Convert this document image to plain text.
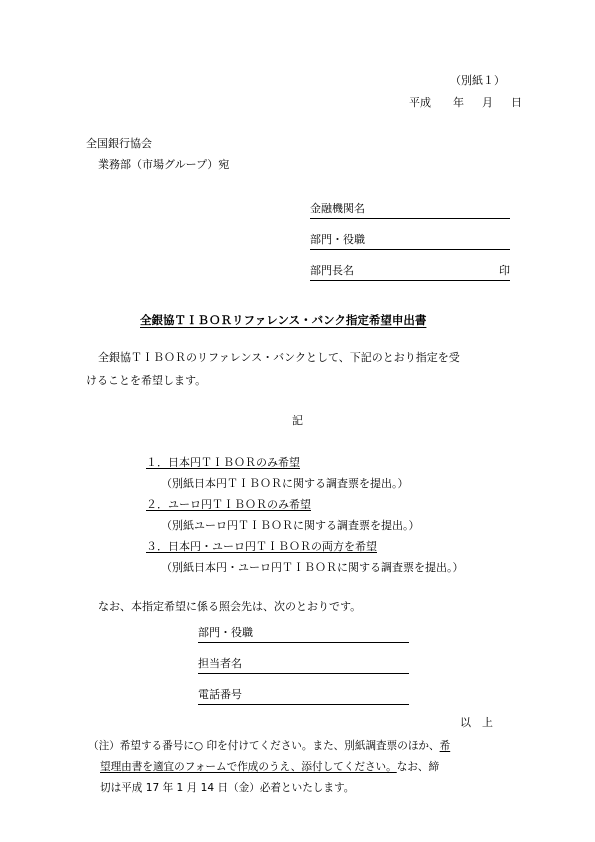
（別紙１）
平成 年 月 日
全国銀行協会
業務部（市場グループ）宛
金融機関名
部門・役職
部門長名	印
全銀協ＴＩＢＯＲリファレンス・バンク指定希望申出書
全銀協ＴＩＢＯＲのリファレンス・バンクとして、下記のとおり指定を受
けることを希望します。
記
１．日本円ＴＩＢＯＲのみ希望
（別紙日本円ＴＩＢＯＲに関する調査票を提出。）
２．ユーロ円ＴＩＢＯＲのみ希望
（別紙ユーロ円ＴＩＢＯＲに関する調査票を提出。）
３．日本円・ユーロ円ＴＩＢＯＲの両方を希望
（別紙日本円・ユーロ円ＴＩＢＯＲに関する調査票を提出。）
なお、本指定希望に係る照会先は、次のとおりです。
部門・役職
担当者名
電話番号
以　上
（注）希望する番号に○ 印を付けてください。また、別紙調査票のほか、希
望理由書を適宜のフォームで作成のうえ、添付してください。なお、締
切は平成 17 年 1 月 14 日（金）必着といたします。
